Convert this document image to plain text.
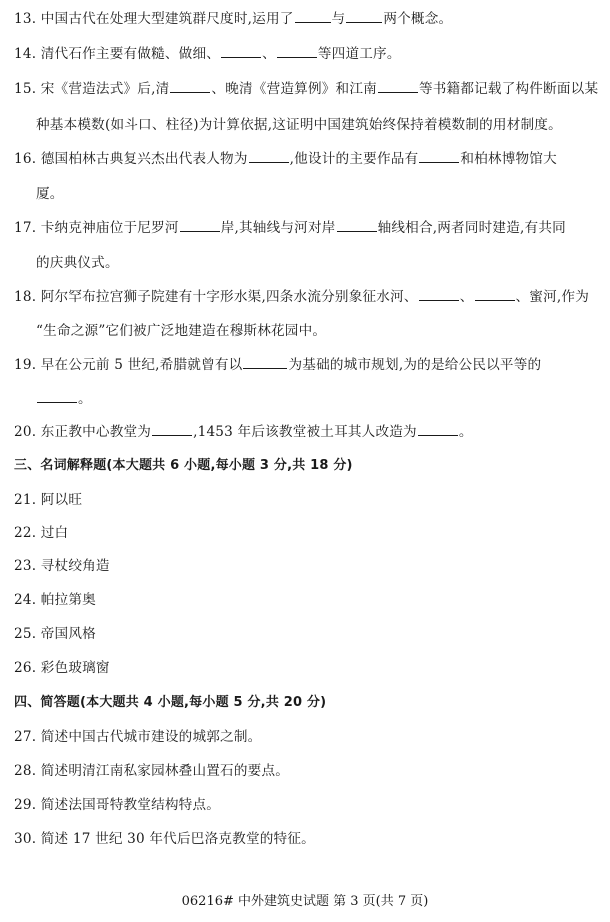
13. 中国古代在处理大型建筑群尺度时,运用了	与	两个概念。
14. 清代石作主要有做糙、做细、	、	等四道工序。
15. 宋《营造法式》后,清	、晚清《营造算例》和江南	等书籍都记载了构件断面以某
种基本模数(如斗口、柱径)为计算依据,这证明中国建筑始终保持着模数制的用材制度。
16. 德国柏林古典复兴杰出代表人物为	,他设计的主要作品有	和柏林博物馆大
厦。
17. 卡纳克神庙位于尼罗河	岸,其轴线与河对岸	轴线相合,两者同时建造,有共同
的庆典仪式。
18. 阿尔罕布拉宫狮子院建有十字形水渠,四条水流分别象征水河、	、	、蜜河,作为
“生命之源”它们被广泛地建造在穆斯林花园中。
19. 早在公元前 5 世纪,希腊就曾有以	为基础的城市规划,为的是给公民以平等的
。
20. 东正教中心教堂为	,1453 年后该教堂被土耳其人改造为	。
三、名词解释题(本大题共 6 小题,每小题 3 分,共 18 分)
21. 阿以旺
22. 过白
23. 寻杖绞角造
24. 帕拉第奥
25. 帝国风格
26. 彩色玻璃窗
四、简答题(本大题共 4 小题,每小题 5 分,共 20 分)
27. 简述中国古代城市建设的城郭之制。
28. 简述明清江南私家园林叠山置石的要点。
29. 简述法国哥特教堂结构特点。
30. 简述 17 世纪 30 年代后巴洛克教堂的特征。
06216# 中外建筑史试题 第 3 页(共 7 页)
